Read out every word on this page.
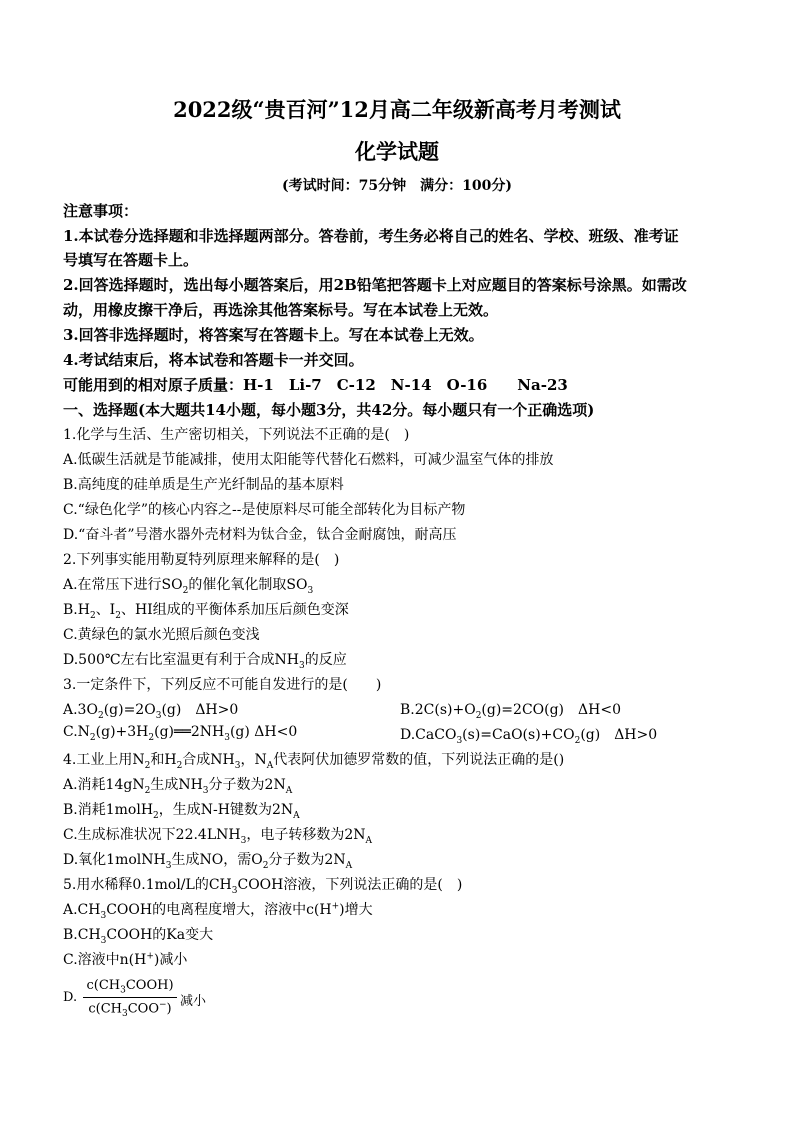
2022级“贵百河”12月高二年级新高考月考测试
化学试题
(考试时间：75分钟　满分：100分)
注意事项：
1.本试卷分选择题和非选择题两部分。答卷前，考生务必将自己的姓名、学校、班级、准考证
号填写在答题卡上。
2.回答选择题时，选出每小题答案后，用2B铅笔把答题卡上对应题目的答案标号涂黑。如需改
动，用橡皮擦干净后，再选涂其他答案标号。写在本试卷上无效。
3.回答非选择题时，将答案写在答题卡上。写在本试卷上无效。
4.考试结束后，将本试卷和答题卡一并交回。
可能用到的相对原子质量：H-1　Li-7　C-12　N-14　O-16　　Na-23
一、选择题(本大题共14小题，每小题3分，共42分。每小题只有一个正确选项)
1.化学与生活、生产密切相关，下列说法不正确的是(　)
A.低碳生活就是节能减排，使用太阳能等代替化石燃料，可减少温室气体的排放
B.高纯度的硅单质是生产光纤制品的基本原料
C.“绿色化学”的核心内容之--是使原料尽可能全部转化为目标产物
D.“奋斗者”号潜水器外壳材料为钛合金，钛合金耐腐蚀，耐高压
2.下列事实能用勒夏特列原理来解释的是(　)
A.在常压下进行$SO_2$的催化氧化制取$SO_3$
$B.H_2$、$I_2$、HI组成的平衡体系加压后颜色变深
C.黄绿色的氯水光照后颜色变浅
D.500℃左右比室温更有利于合成$NH_3$的反应
3.一定条件下，下列反应不可能自发进行的是(　　)
$A.3O_2(g)=2O_3(g)$　ΔH>0	$B.2C(s)+O_2(g)=2CO(g)$　ΔH<0
$C.N_2(g)+3H_2(g)══2NH_3(g)$ ΔH<0	$D.CaCO_3(s)=CaO(s)+CO_2(g)$　ΔH>0
4.工业上用$N_2$和$H_2$合成$NH_3$，$N_A$代表阿伏加德罗常数的值，下列说法正确的是()
A.消耗$14gN_2$生成$NH_3$分子数为$2N_A$
B.消耗1molH$_2$，生成N-H键数为$2N_A$
C.生成标准状况下$22.4LNH_3$，电子转移数为$2N_A$
D.氧化1molNH$_3$生成NO，需$O_2$分子数为$2N_A$
5.用水稀释0.1mol/L的$CH_3COOH$溶液，下列说法正确的是(　)
$A.CH_3COOH$的电离程度增大，溶液中c(H+)增大
$B.CH_3COOH$的Ka变大
C.溶液中n(H+)减小
D.
$c(CH_3COOH)$
$c(CH_3COO^-)$ 减小
